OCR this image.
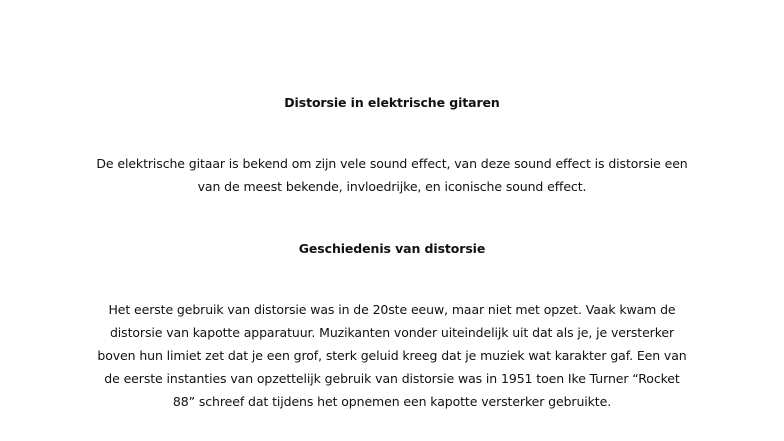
Distorsie in elektrische gitaren
De elektrische gitaar is bekend om zijn vele sound effect, van deze sound effect is distorsie een
van de meest bekende, invloedrijke, en iconische sound effect.
Geschiedenis van distorsie
Het eerste gebruik van distorsie was in de 20ste eeuw, maar niet met opzet. Vaak kwam de
distorsie van kapotte apparatuur. Muzikanten vonder uiteindelijk uit dat als je, je versterker
boven hun limiet zet dat je een grof, sterk geluid kreeg dat je muziek wat karakter gaf. Een van
de eerste instanties van opzettelijk gebruik van distorsie was in 1951 toen Ike Turner “Rocket
88” schreef dat tijdens het opnemen een kapotte versterker gebruikte.
